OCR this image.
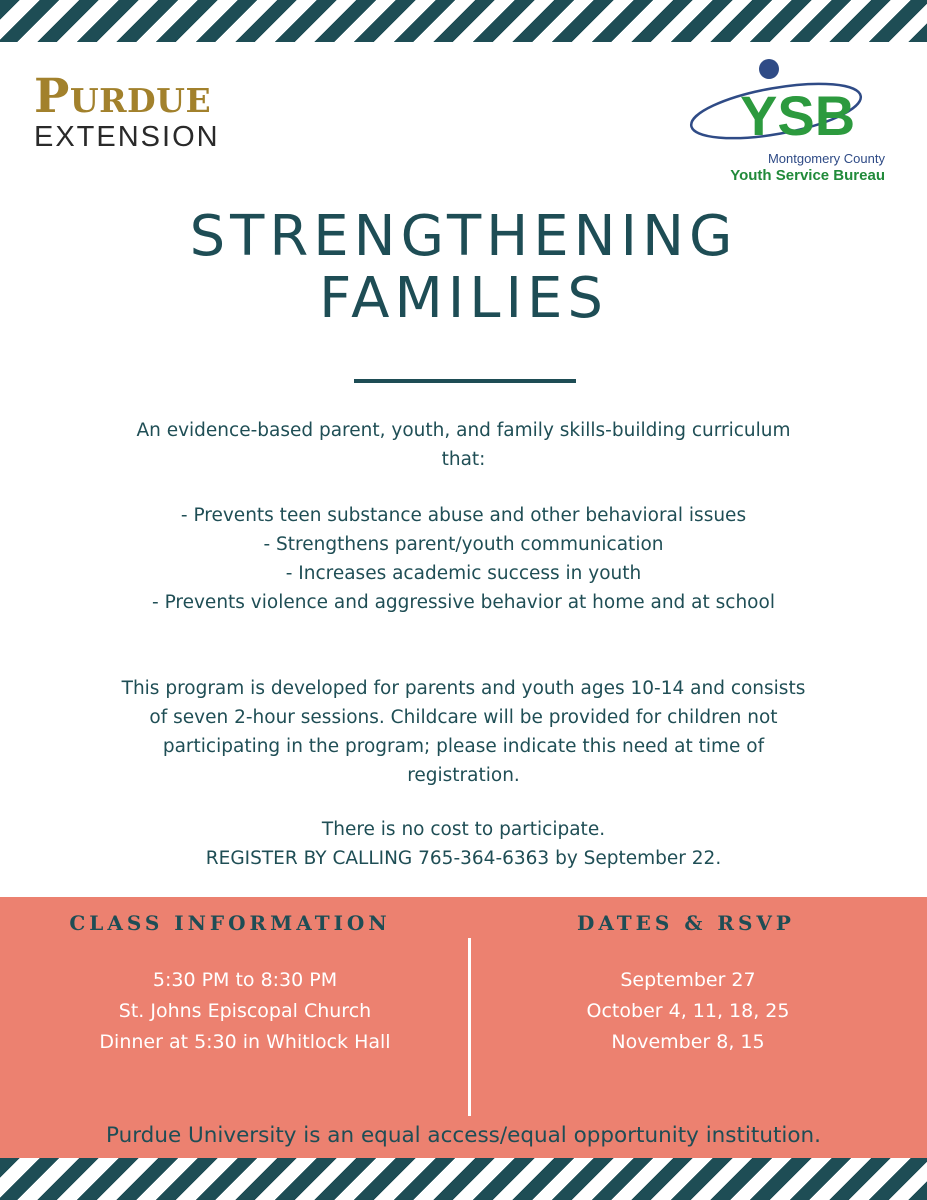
Purdue
EXTENSION	YSB
Montgomery County
Youth Service Bureau
STRENGTHENING
FAMILIES
An evidence-based parent, youth, and family skills-building curriculum
that:
- Prevents teen substance abuse and other behavioral issues
- Strengthens parent/youth communication
- Increases academic success in youth
- Prevents violence and aggressive behavior at home and at school
This program is developed for parents and youth ages 10-14 and consists
of seven 2-hour sessions. Childcare will be provided for children not
participating in the program; please indicate this need at time of
registration.
There is no cost to participate.
REGISTER BY CALLING 765-364-6363 by September 22.
CLASS INFORMATION	DATES & RSVP
5:30 PM to 8:30 PM
St. Johns Episcopal Church
Dinner at 5:30 in Whitlock Hall
September 27
October 4, 11, 18, 25
November 8, 15
Purdue University is an equal access/equal opportunity institution.
